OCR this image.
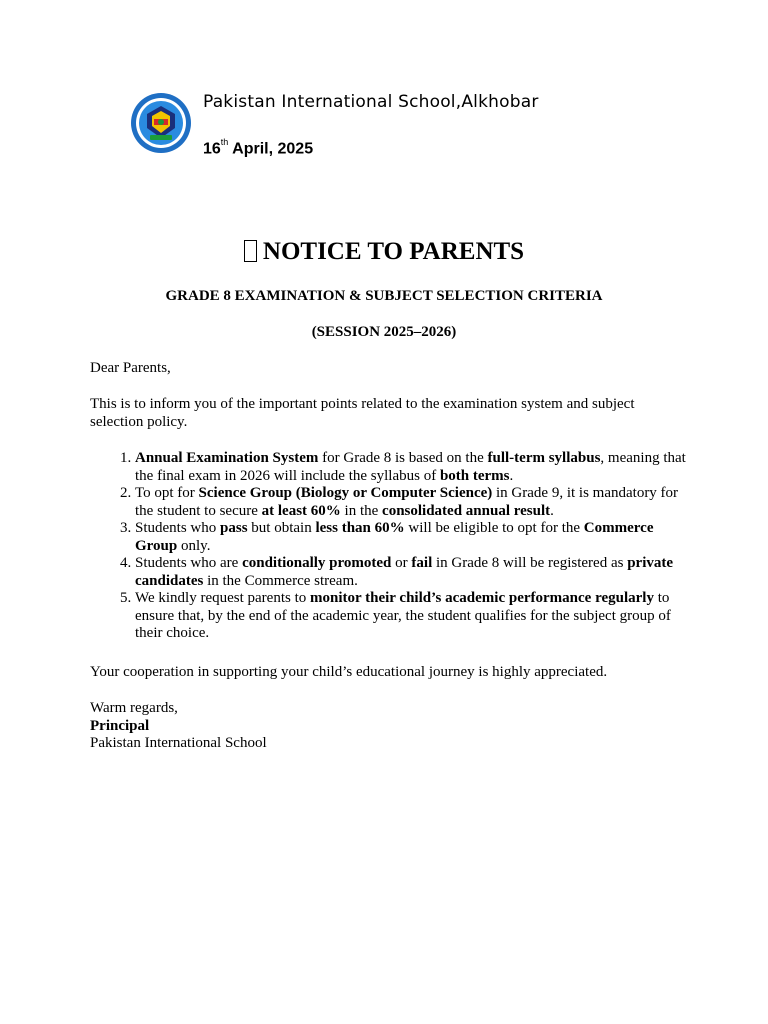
Pakistan International School,Alkhobar
16th April, 2025
NOTICE TO PARENTS
GRADE 8 EXAMINATION & SUBJECT SELECTION CRITERIA
(SESSION 2025–2026)
Dear Parents,
This is to inform you of the important points related to the examination system and subject selection policy.
1. Annual Examination System for Grade 8 is based on the full-term syllabus, meaning that the final exam in 2026 will include the syllabus of both terms.
2. To opt for Science Group (Biology or Computer Science) in Grade 9, it is mandatory for the student to secure at least 60% in the consolidated annual result.
3. Students who pass but obtain less than 60% will be eligible to opt for the Commerce Group only.
4. Students who are conditionally promoted or fail in Grade 8 will be registered as private candidates in the Commerce stream.
5. We kindly request parents to monitor their child’s academic performance regularly to ensure that, by the end of the academic year, the student qualifies for the subject group of their choice.
Your cooperation in supporting your child’s educational journey is highly appreciated.
Warm regards,
Principal
Pakistan International School
